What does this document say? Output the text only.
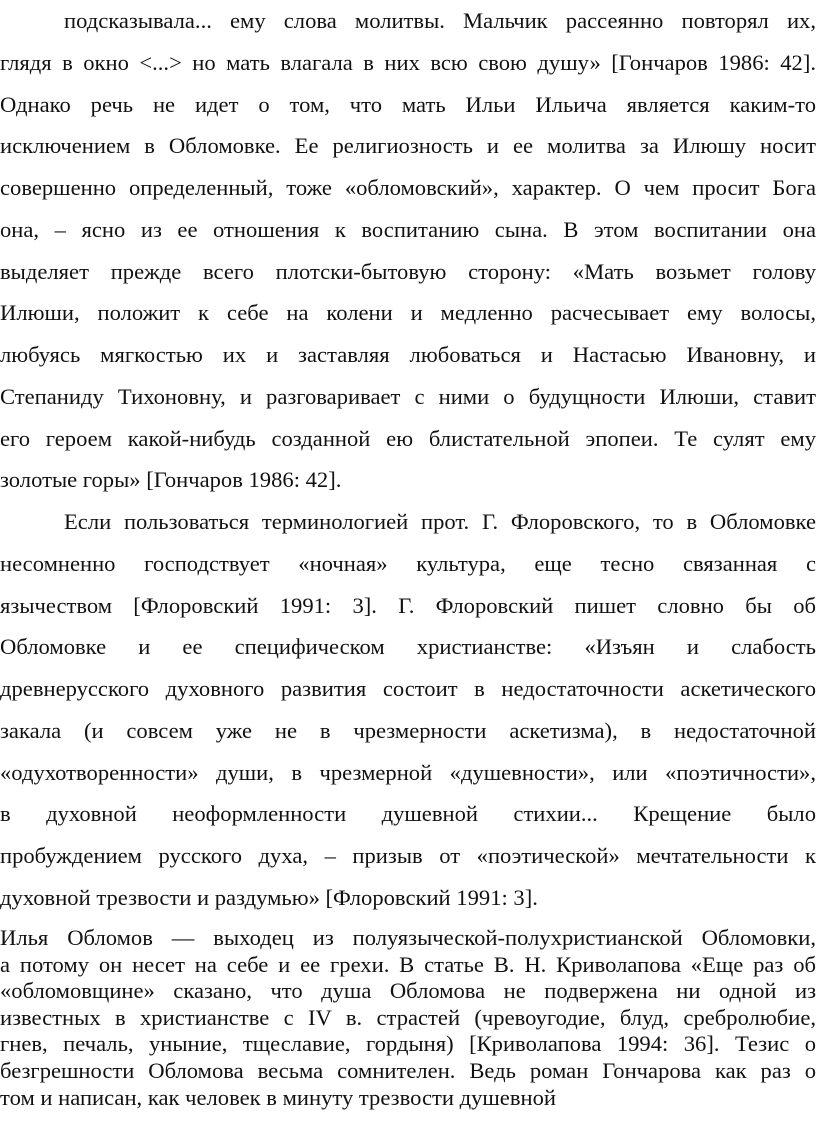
подсказывала... ему слова молитвы. Мальчик рассеянно повторял их,
глядя в окно <...> но мать влагала в них всю свою душу» [Гончаров 1986: 42].
Однако речь не идет о том, что мать Ильи Ильича является каким-то
исключением в Обломовке. Ее религиозность и ее молитва за Илюшу носит
совершенно определенный, тоже «обломовский», характер. О чем просит Бога
она, – ясно из ее отношения к воспитанию сына. В этом воспитании она
выделяет прежде всего плотски-бытовую сторону: «Мать возьмет голову
Илюши, положит к себе на колени и медленно расчесывает ему волосы,
любуясь мягкостью их и заставляя любоваться и Настасью Ивановну, и
Степаниду Тихоновну, и разговаривает с ними о будущности Илюши, ставит
его героем какой-нибудь созданной ею блистательной эпопеи. Те сулят ему
золотые горы» [Гончаров 1986: 42].

Если пользоваться терминологией прот. Г. Флоровского, то в Обломовке
несомненно господствует «ночная» культура, еще тесно связанная с
язычеством [Флоровский 1991: 3]. Г. Флоровский пишет словно бы об
Обломовке и ее специфическом христианстве: «Изъян и слабость
древнерусского духовного развития состоит в недостаточности аскетического
закала (и совсем уже не в чрезмерности аскетизма), в недостаточной
«одухотворенности» души, в чрезмерной «душевности», или «поэтичности»,
в духовной неоформленности душевной стихии... Крещение было
пробуждением русского духа, – призыв от «поэтической» мечтательности к
духовной трезвости и раздумью» [Флоровский 1991: 3].

Илья Обломов — выходец из полуязыческой-полухристианской Обломовки,
а потому он несет на себе и ее грехи. В статье В. Н. Криволапова «Еще раз об
«обломовщине» сказано, что душа Обломова не подвержена ни одной из
известных в христианстве с IV в. страстей (чревоугодие, блуд, сребролюбие,
гнев, печаль, уныние, тщеславие, гордыня) [Криволапова 1994: 36]. Тезис о
безгрешности Обломова весьма сомнителен. Ведь роман Гончарова как раз о
том и написан, как человек в минуту трезвости душевной
